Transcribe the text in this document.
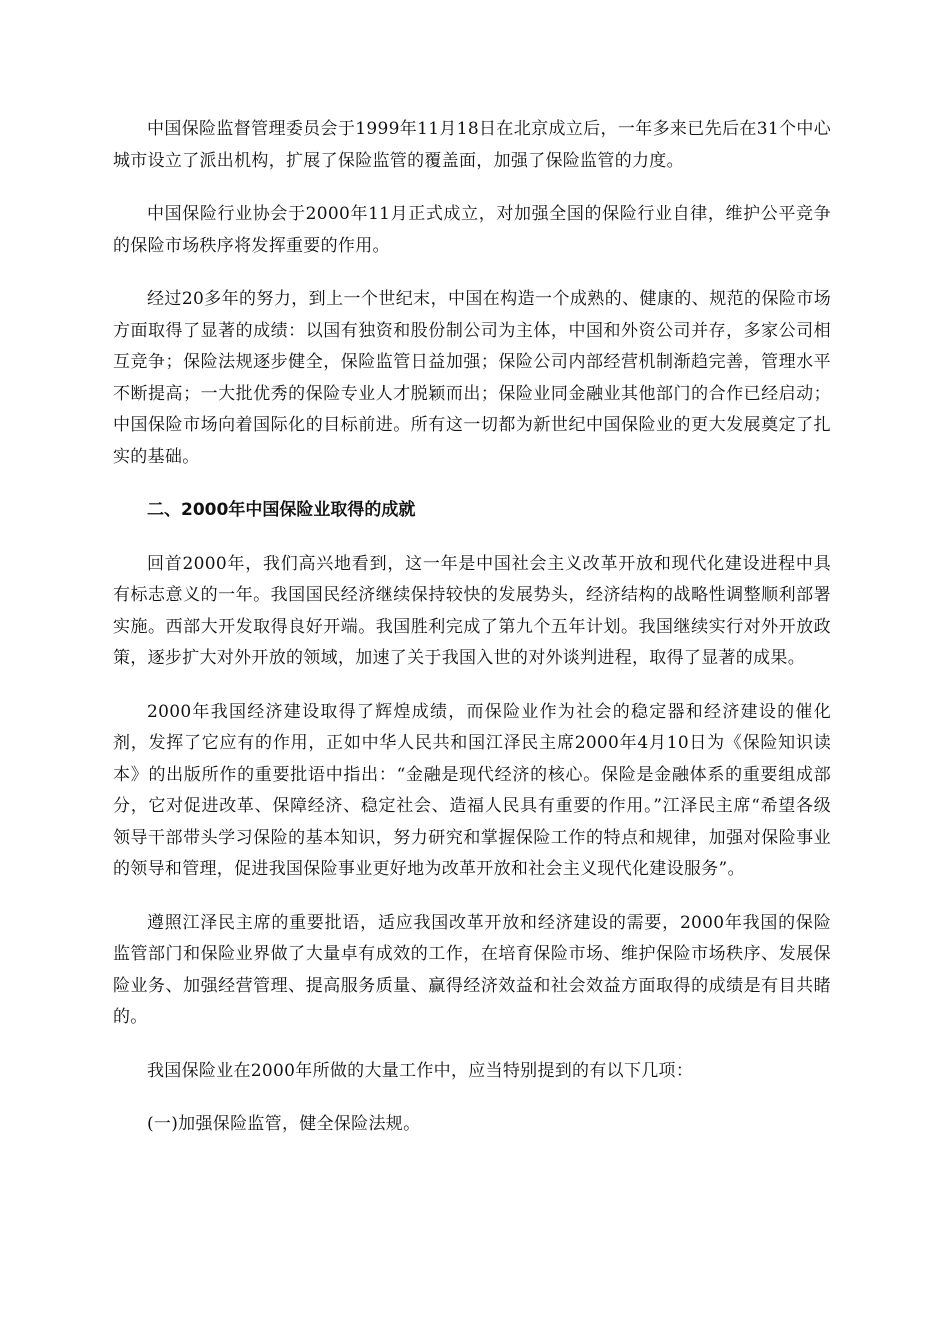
中国保险监督管理委员会于1999年11月18日在北京成立后，一年多来已先后在31个中心城市设立了派出机构，扩展了保险监管的覆盖面，加强了保险监管的力度。

中国保险行业协会于2000年11月正式成立，对加强全国的保险行业自律，维护公平竞争的保险市场秩序将发挥重要的作用。

经过20多年的努力，到上一个世纪末，中国在构造一个成熟的、健康的、规范的保险市场方面取得了显著的成绩：以国有独资和股份制公司为主体，中国和外资公司并存，多家公司相互竞争；保险法规逐步健全，保险监管日益加强；保险公司内部经营机制渐趋完善，管理水平不断提高；一大批优秀的保险专业人才脱颖而出；保险业同金融业其他部门的合作已经启动；中国保险市场向着国际化的目标前进。所有这一切都为新世纪中国保险业的更大发展奠定了扎实的基础。

二、2000年中国保险业取得的成就

回首2000年，我们高兴地看到，这一年是中国社会主义改革开放和现代化建设进程中具有标志意义的一年。我国国民经济继续保持较快的发展势头，经济结构的战略性调整顺利部署实施。西部大开发取得良好开端。我国胜利完成了第九个五年计划。我国继续实行对外开放政策，逐步扩大对外开放的领域，加速了关于我国入世的对外谈判进程，取得了显著的成果。

2000年我国经济建设取得了辉煌成绩，而保险业作为社会的稳定器和经济建设的催化剂，发挥了它应有的作用，正如中华人民共和国江泽民主席2000年4月10日为《保险知识读本》的出版所作的重要批语中指出：“金融是现代经济的核心。保险是金融体系的重要组成部分，它对促进改革、保障经济、稳定社会、造福人民具有重要的作用。”江泽民主席“希望各级领导干部带头学习保险的基本知识，努力研究和掌握保险工作的特点和规律，加强对保险事业的领导和管理，促进我国保险事业更好地为改革开放和社会主义现代化建设服务”。

遵照江泽民主席的重要批语，适应我国改革开放和经济建设的需要，2000年我国的保险监管部门和保险业界做了大量卓有成效的工作，在培育保险市场、维护保险市场秩序、发展保险业务、加强经营管理、提高服务质量、赢得经济效益和社会效益方面取得的成绩是有目共睹的。

我国保险业在2000年所做的大量工作中，应当特别提到的有以下几项：

(一)加强保险监管，健全保险法规。
